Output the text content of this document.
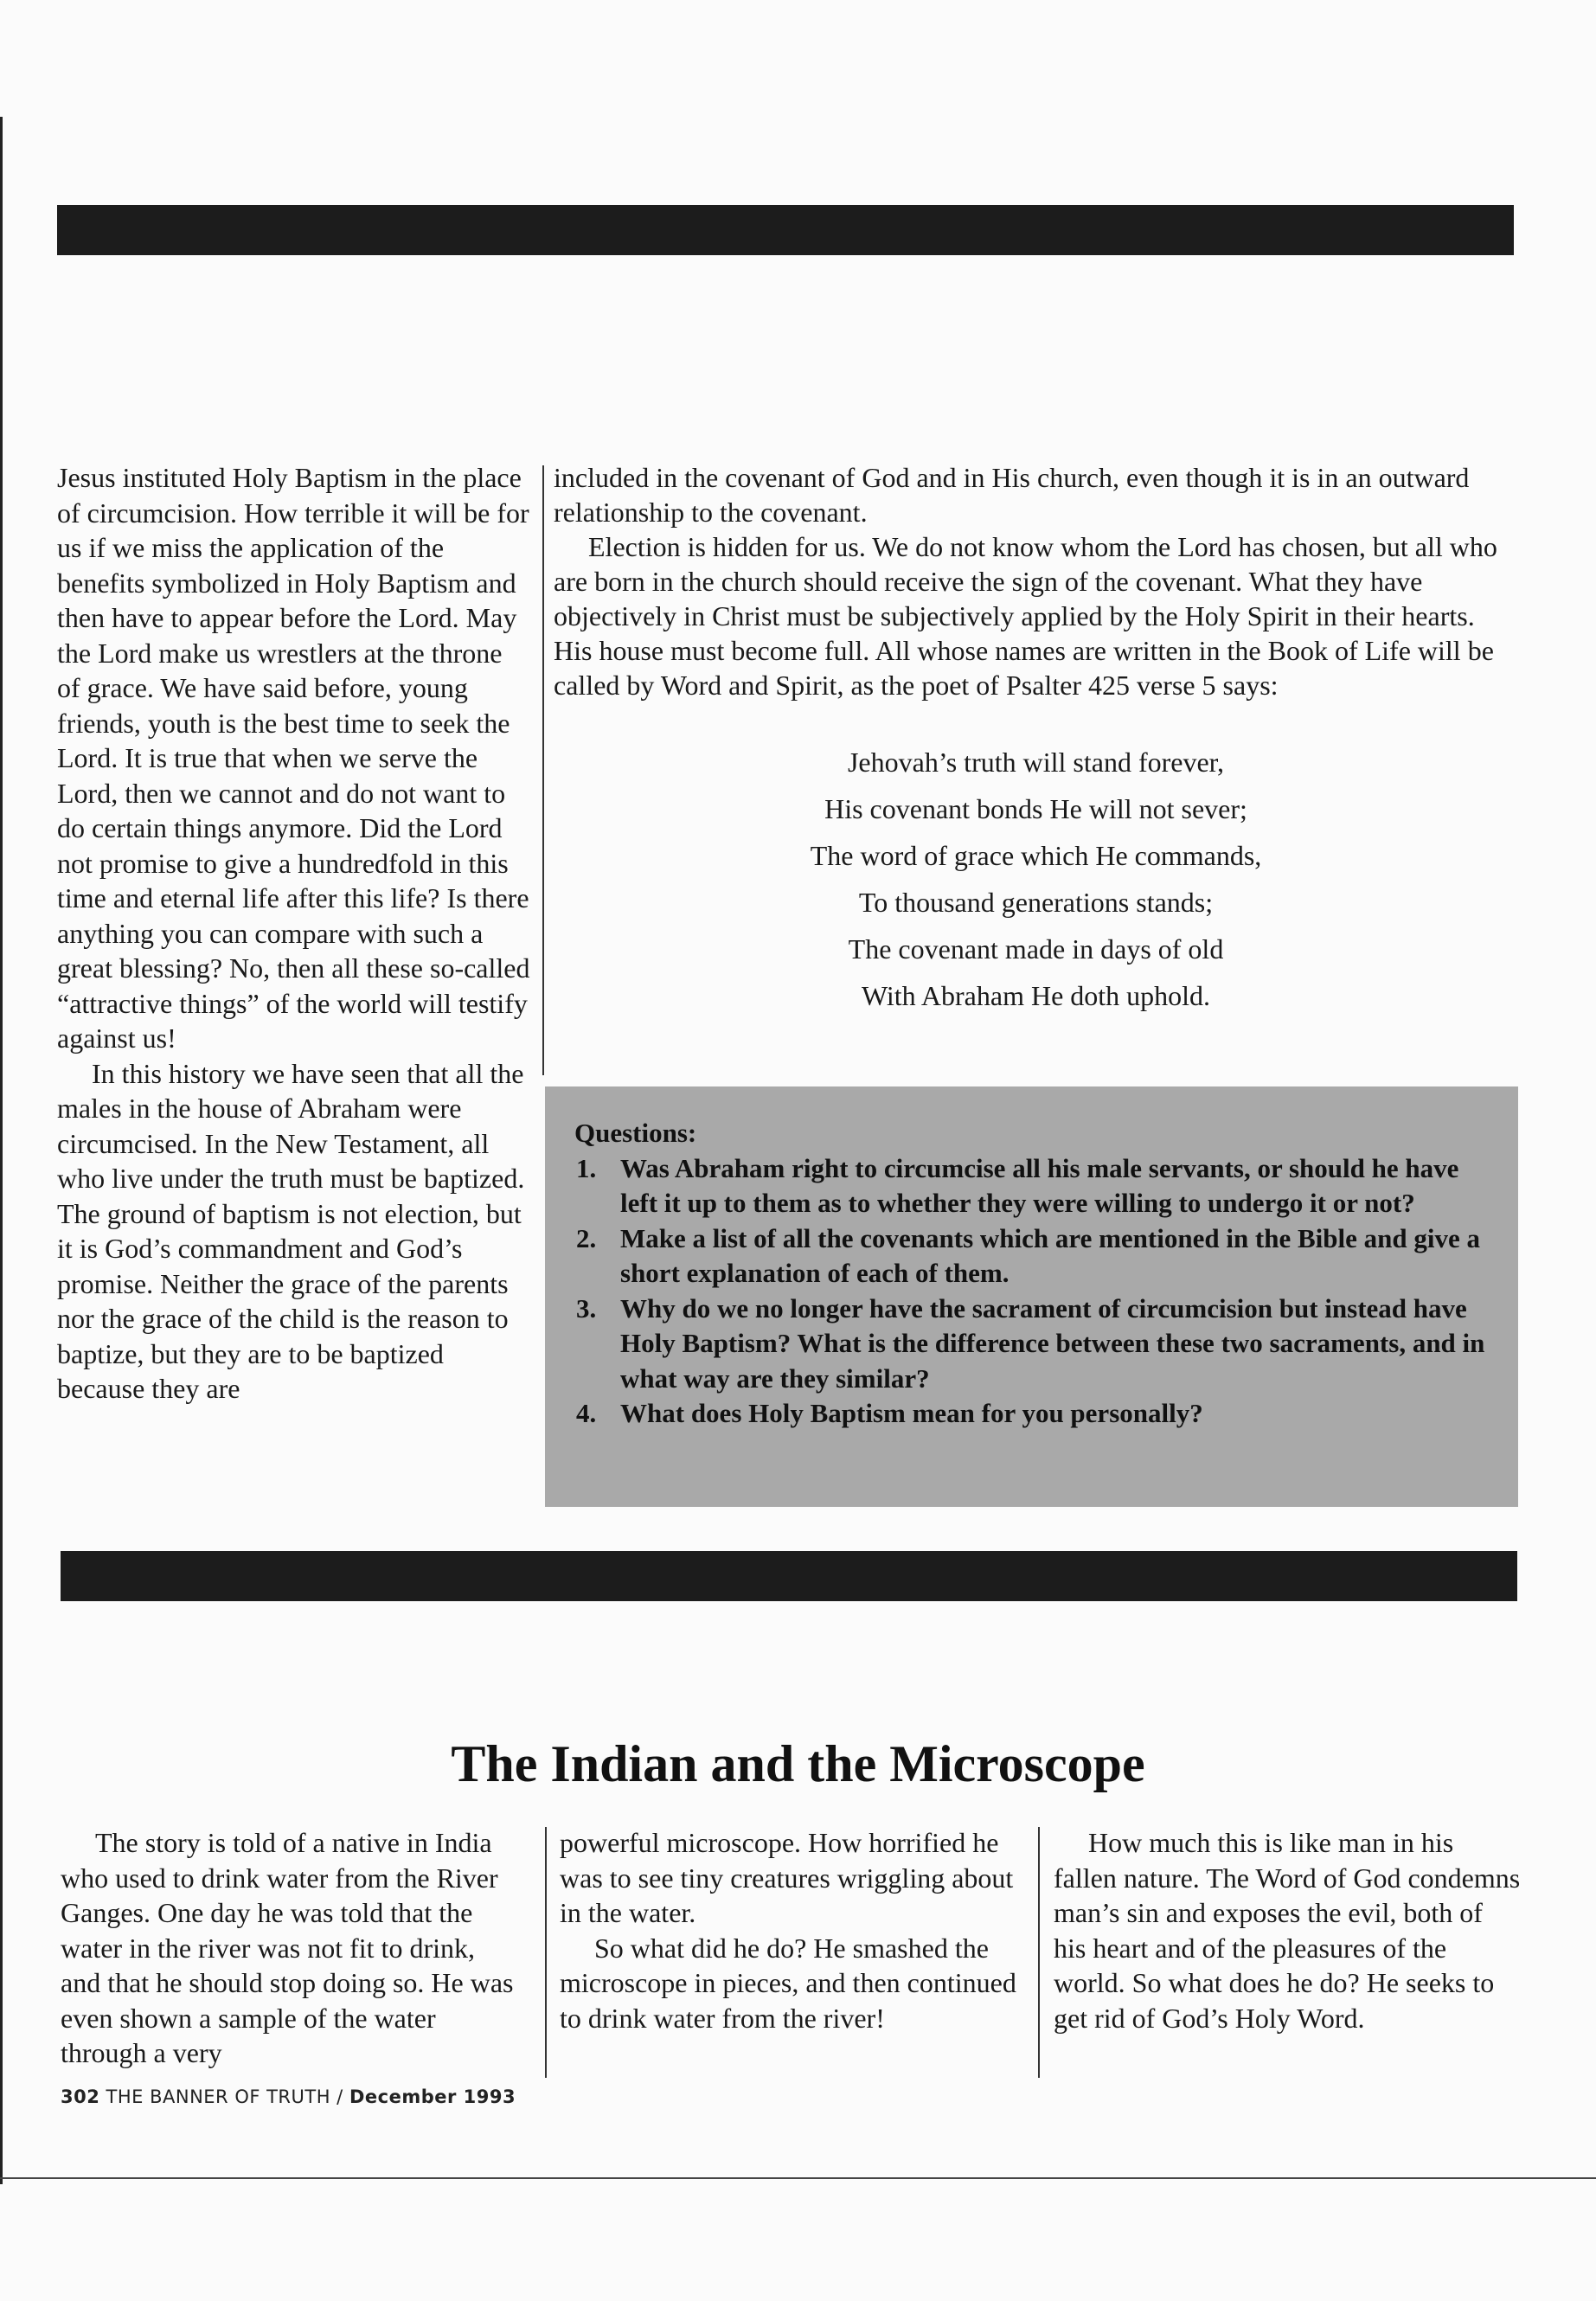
Jesus instituted Holy Baptism in the place of circumcision. How terrible it will be for us if we miss the application of the benefits symbolized in Holy Baptism and then have to appear before the Lord. May the Lord make us wrestlers at the throne of grace. We have said before, young friends, youth is the best time to seek the Lord. It is true that when we serve the Lord, then we cannot and do not want to do certain things anymore. Did the Lord not promise to give a hundredfold in this time and eternal life after this life? Is there anything you can compare with such a great blessing? No, then all these so-called “attractive things” of the world will testify against us!

In this history we have seen that all the males in the house of Abraham were circumcised. In the New Testament, all who live under the truth must be baptized. The ground of baptism is not election, but it is God’s commandment and God’s promise. Neither the grace of the parents nor the grace of the child is the reason to baptize, but they are to be baptized because they are

included in the covenant of God and in His church, even though it is in an outward relationship to the covenant.

Election is hidden for us. We do not know whom the Lord has chosen, but all who are born in the church should receive the sign of the covenant. What they have objectively in Christ must be subjectively applied by the Holy Spirit in their hearts. His house must become full. All whose names are written in the Book of Life will be called by Word and Spirit, as the poet of Psalter 425 verse 5 says:

Jehovah’s truth will stand forever,
His covenant bonds He will not sever;
The word of grace which He commands,
To thousand generations stands;
The covenant made in days of old
With Abraham He doth uphold.
Questions:
1. Was Abraham right to circumcise all his male servants, or should he have left it up to them as to whether they were willing to undergo it or not?
2. Make a list of all the covenants which are mentioned in the Bible and give a short explanation of each of them.
3. Why do we no longer have the sacrament of circumcision but instead have Holy Baptism? What is the difference between these two sacraments, and in what way are they similar?
4. What does Holy Baptism mean for you personally?
The Indian and the Microscope

The story is told of a native in India who used to drink water from the River Ganges. One day he was told that the water in the river was not fit to drink, and that he should stop doing so. He was even shown a sample of the water through a very

powerful microscope. How horrified he was to see tiny creatures wriggling about in the water.

So what did he do? He smashed the microscope in pieces, and then continued to drink water from the river!

How much this is like man in his fallen nature. The Word of God condemns man’s sin and exposes the evil, both of his heart and of the pleasures of the world. So what does he do? He seeks to get rid of God’s Holy Word.

302 THE BANNER OF TRUTH / December 1993
